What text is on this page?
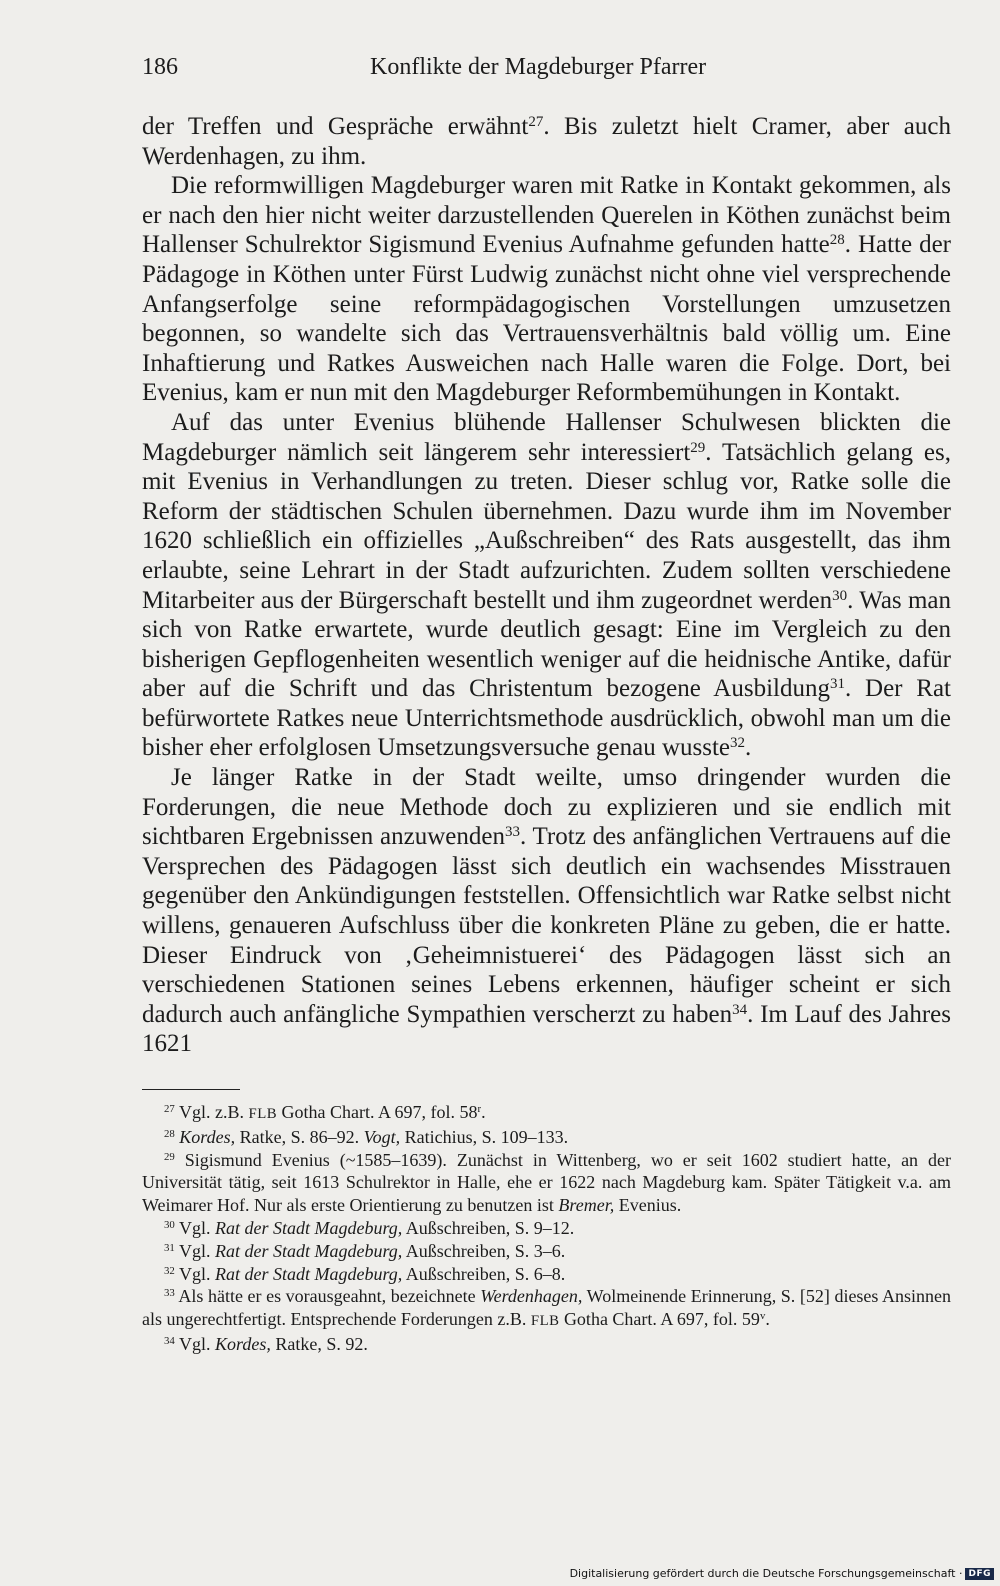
186	Konflikte der Magdeburger Pfarrer

der Treffen und Gespräche erwähnt$^{27}$. Bis zuletzt hielt Cramer, aber auch Werdenhagen, zu ihm.

Die reformwilligen Magdeburger waren mit Ratke in Kontakt gekommen, als er nach den hier nicht weiter darzustellenden Querelen in Köthen zunächst beim Hallenser Schulrektor Sigismund Evenius Aufnahme gefunden hatte$^{28}$. Hatte der Pädagoge in Köthen unter Fürst Ludwig zunächst nicht ohne viel versprechende Anfangserfolge seine reformpädagogischen Vorstellungen umzusetzen begonnen, so wandelte sich das Vertrauensverhältnis bald völlig um. Eine Inhaftierung und Ratkes Ausweichen nach Halle waren die Folge. Dort, bei Evenius, kam er nun mit den Magdeburger Reformbemühungen in Kontakt.

Auf das unter Evenius blühende Hallenser Schulwesen blickten die Magdeburger nämlich seit längerem sehr interessiert$^{29}$. Tatsächlich gelang es, mit Evenius in Verhandlungen zu treten. Dieser schlug vor, Ratke solle die Reform der städtischen Schulen übernehmen. Dazu wurde ihm im November 1620 schließlich ein offizielles „Außschreiben“ des Rats ausgestellt, das ihm erlaubte, seine Lehrart in der Stadt aufzurichten. Zudem sollten verschiedene Mitarbeiter aus der Bürgerschaft bestellt und ihm zugeordnet werden$^{30}$. Was man sich von Ratke erwartete, wurde deutlich gesagt: Eine im Vergleich zu den bisherigen Gepflogenheiten wesentlich weniger auf die heidnische Antike, dafür aber auf die Schrift und das Christentum bezogene Ausbildung$^{31}$. Der Rat befürwortete Ratkes neue Unterrichtsmethode ausdrücklich, obwohl man um die bisher eher erfolglosen Umsetzungsversuche genau wusste$^{32}$.

Je länger Ratke in der Stadt weilte, umso dringender wurden die Forderungen, die neue Methode doch zu explizieren und sie endlich mit sichtbaren Ergebnissen anzuwenden$^{33}$. Trotz des anfänglichen Vertrauens auf die Versprechen des Pädagogen lässt sich deutlich ein wachsendes Misstrauen gegenüber den Ankündigungen feststellen. Offensichtlich war Ratke selbst nicht willens, genaueren Aufschluss über die konkreten Pläne zu geben, die er hatte. Dieser Eindruck von ‚Geheimnistuerei‘ des Pädagogen lässt sich an verschiedenen Stationen seines Lebens erkennen, häufiger scheint er sich dadurch auch anfängliche Sympathien verscherzt zu haben$^{34}$. Im Lauf des Jahres 1621

$^{27}$ Vgl. z.B. FLB Gotha Chart. A 697, fol. 58$^r$.

$^{28}$ Kordes, Ratke, S. 86–92. Vogt, Ratichius, S. 109–133.

$^{29}$ Sigismund Evenius (~1585–1639). Zunächst in Wittenberg, wo er seit 1602 studiert hatte, an der Universität tätig, seit 1613 Schulrektor in Halle, ehe er 1622 nach Magdeburg kam. Später Tätigkeit v.a. am Weimarer Hof. Nur als erste Orientierung zu benutzen ist Bremer, Evenius.

$^{30}$ Vgl. Rat der Stadt Magdeburg, Außschreiben, S. 9–12.

$^{31}$ Vgl. Rat der Stadt Magdeburg, Außschreiben, S. 3–6.

$^{32}$ Vgl. Rat der Stadt Magdeburg, Außschreiben, S. 6–8.

$^{33}$ Als hätte er es vorausgeahnt, bezeichnete Werdenhagen, Wolmeinende Erinnerung, S. [52] dieses Ansinnen als ungerechtfertigt. Entsprechende Forderungen z.B. FLB Gotha Chart. A 697, fol. 59$^v$.

$^{34}$ Vgl. Kordes, Ratke, S. 92.

Digitalisierung gefördert durch die Deutsche Forschungsgemeinschaft · DFG
